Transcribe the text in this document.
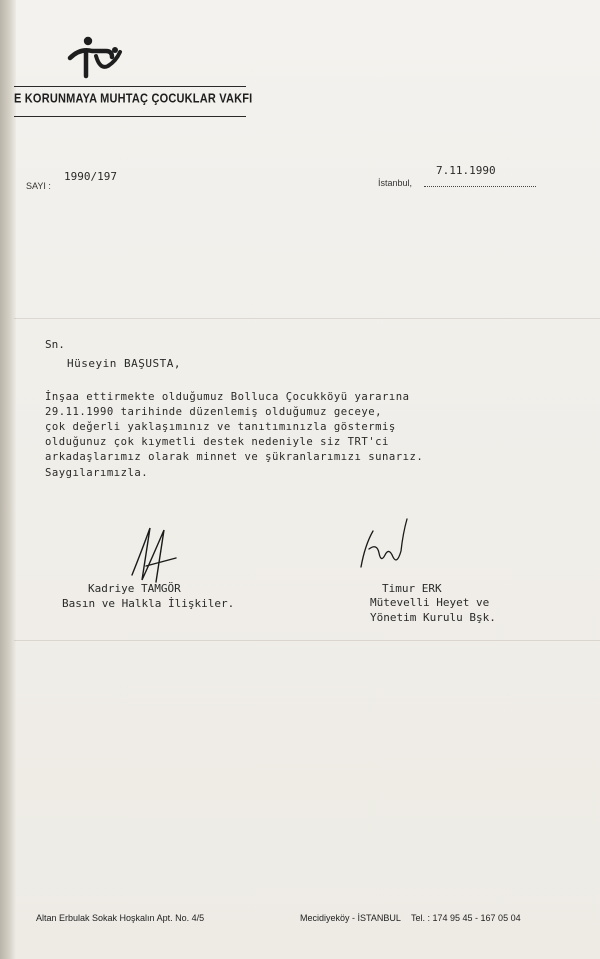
E KORUNMAYA MUHTAÇ ÇOCUKLAR VAKFI
SAYI :
1990/197	İstanbul,
7.11.1990
Sn.
Hüseyin BAŞUSTA,
İnşaa ettirmekte olduğumuz Bolluca Çocukköyü yararına
29.11.1990 tarihinde düzenlemiş olduğumuz geceye,
çok değerli yaklaşımınız ve tanıtımınızla göstermiş
olduğunuz çok kıymetli destek nedeniyle siz TRT'ci
arkadaşlarımız olarak minnet ve şükranlarımızı sunarız.
Saygılarımızla.
Kadriye TAMGÖR
Basın ve Halkla İlişkiler.
Timur ERK
Mütevelli Heyet ve
Yönetim Kurulu Bşk.
Altan Erbulak Sokak Hoşkalın Apt. No. 4/5	Mecidiyeköy - İSTANBUL Tel. : 174 95 45 - 167 05 04
